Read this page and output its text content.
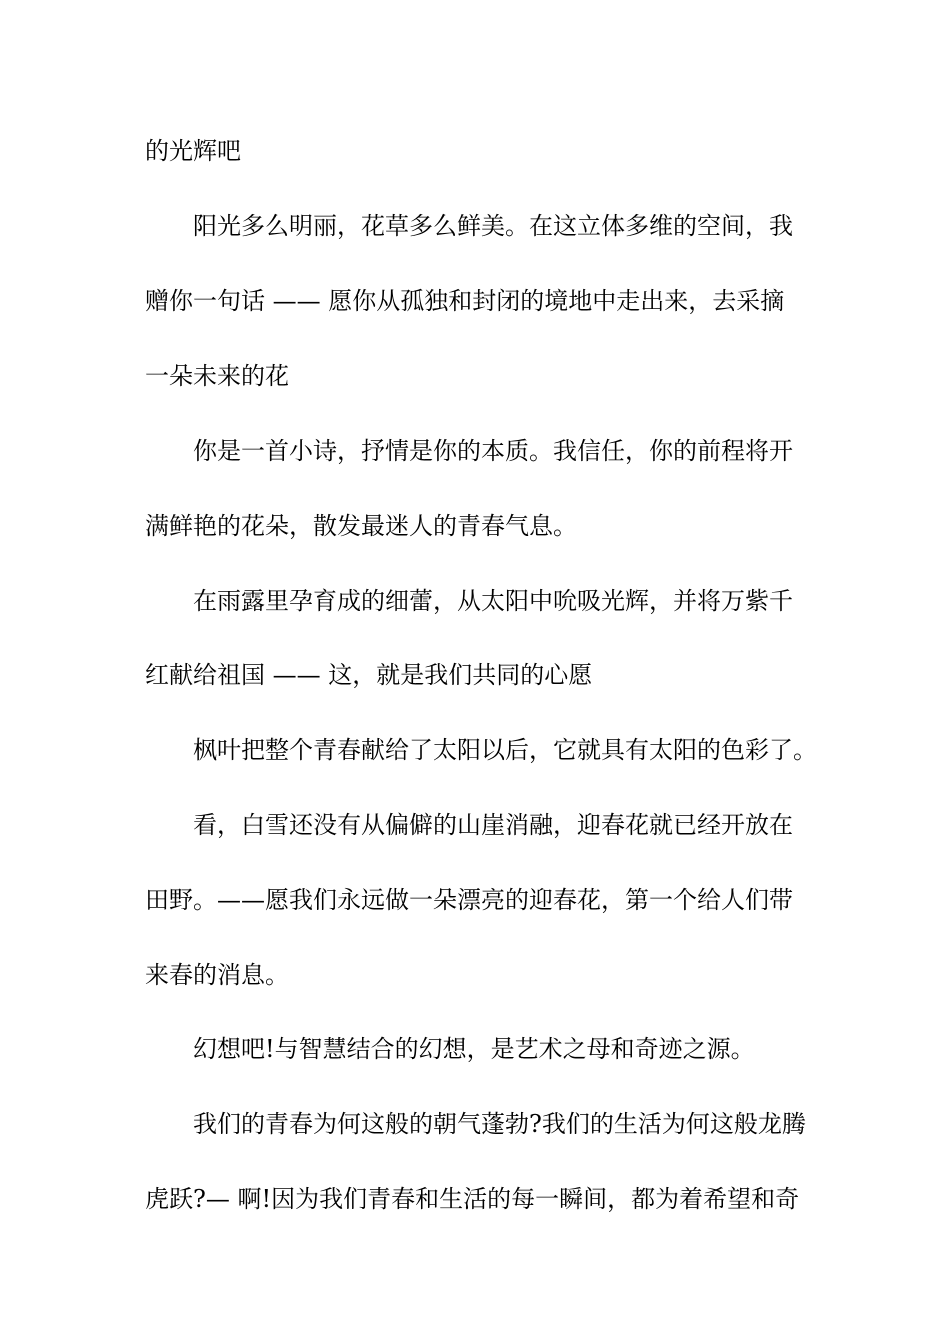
的光辉吧
阳光多么明丽，花草多么鲜美。在这立体多维的空间，我
赠你一句话 —— 愿你从孤独和封闭的境地中走出来，去采摘
一朵未来的花
你是一首小诗，抒情是你的本质。我信任，你的前程将开
满鲜艳的花朵，散发最迷人的青春气息。
在雨露里孕育成的细蕾，从太阳中吮吸光辉，并将万紫千
红献给祖国 —— 这，就是我们共同的心愿
枫叶把整个青春献给了太阳以后，它就具有太阳的色彩了。
看，白雪还没有从偏僻的山崖消融，迎春花就已经开放在
田野。——愿我们永远做一朵漂亮的迎春花，第一个给人们带
来春的消息。
幻想吧!与智慧结合的幻想，是艺术之母和奇迹之源。
我们的青春为何这般的朝气蓬勃?我们的生活为何这般龙腾
虎跃?— 啊!因为我们青春和生活的每一瞬间，都为着希望和奇
